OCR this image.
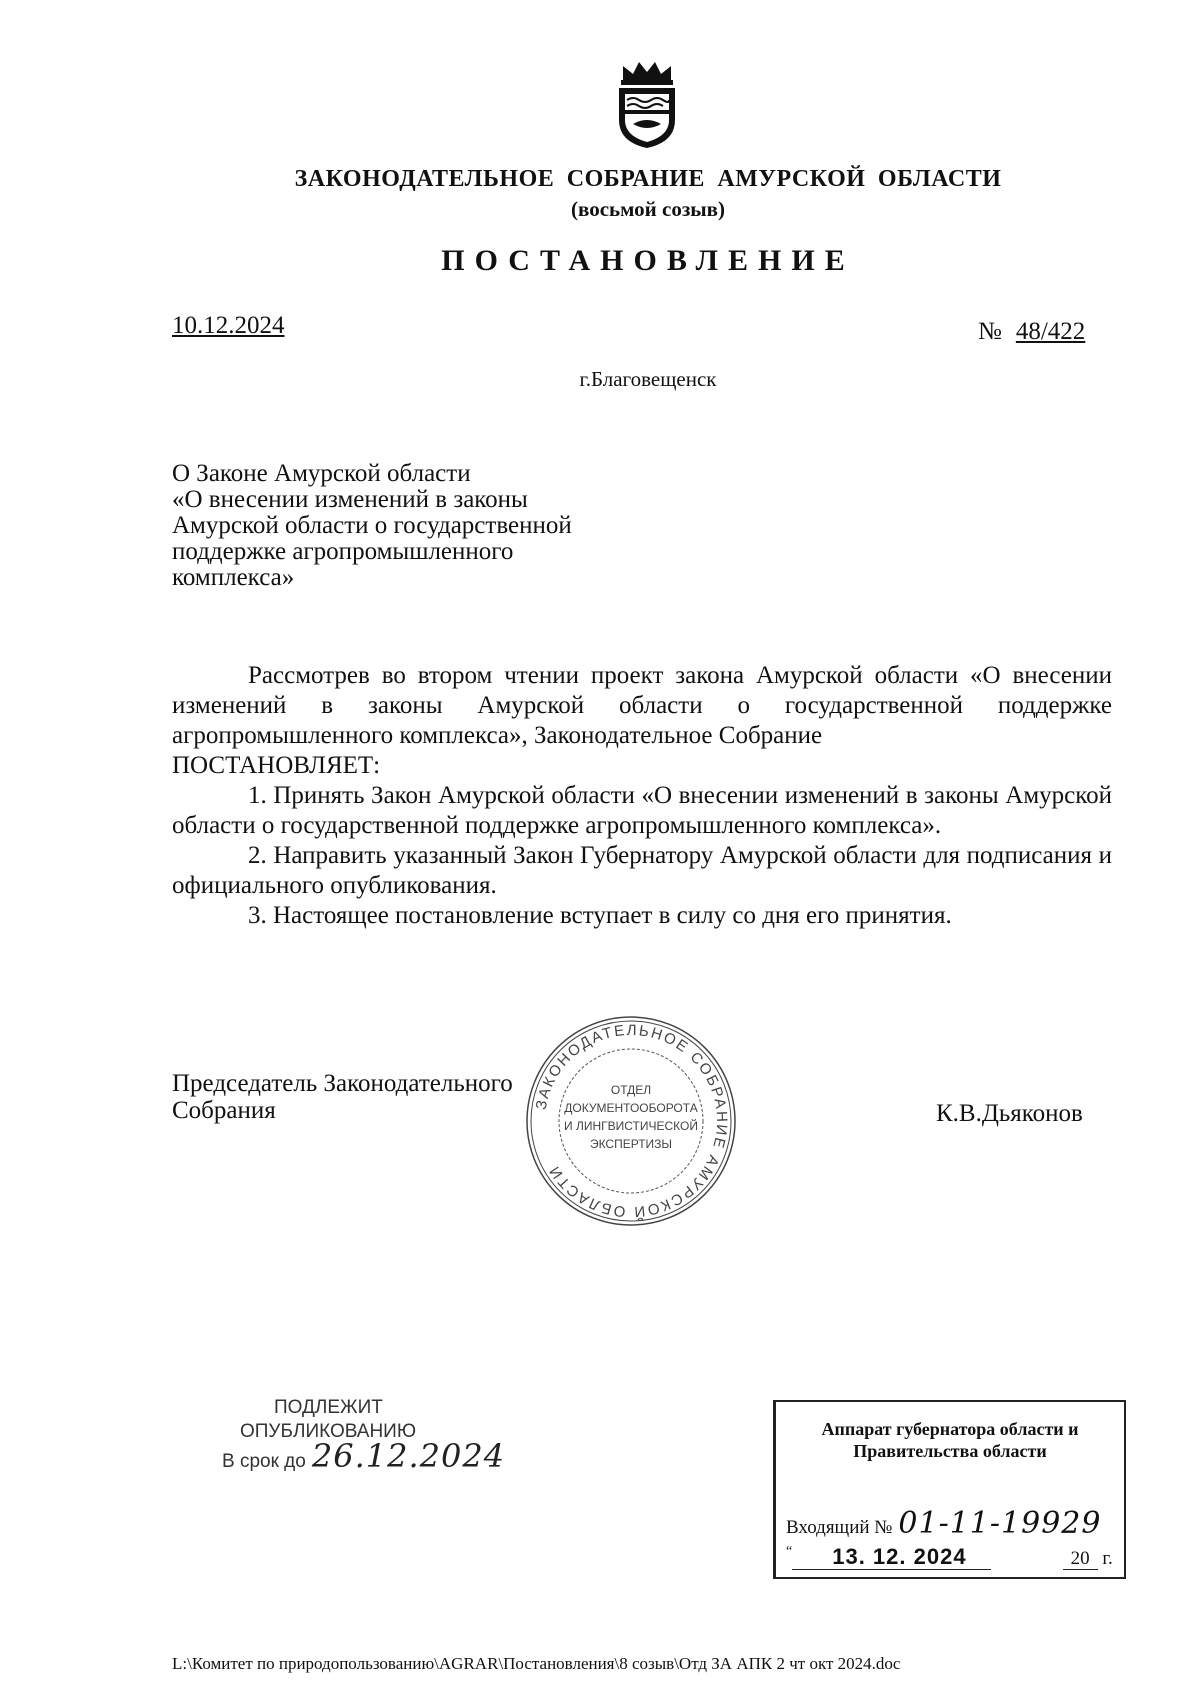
ЗАКОНОДАТЕЛЬНОЕ СОБРАНИЕ АМУРСКОЙ ОБЛАСТИ
(восьмой созыв)
ПОСТАНОВЛЕНИЕ
10.12.2024	№ 48/422
г.Благовещенск
О Законе Амурской области
«О внесении изменений в законы
Амурской области о государственной
поддержке агропромышленного
комплекса»
Рассмотрев во втором чтении проект закона Амурской области «О внесении изменений в законы Амурской области о государственной поддержке агропромышленного комплекса», Законодательное Собрание
ПОСТАНОВЛЯЕТ:
1. Принять Закон Амурской области «О внесении изменений в законы Амурской области о государственной поддержке агропромышленного комплекса».
2. Направить указанный Закон Губернатору Амурской области для подписания и официального опубликования.
3. Настоящее постановление вступает в силу со дня его принятия.
Председатель Законодательного
Собрания	К.В.Дьяконов
ЗАКОНОДАТЕЛЬНОЕ СОБРАНИЕ АМУРСКОЙ ОБЛАСТИ
ОТДЕЛ
ДОКУМЕНТООБОРОТА
И ЛИНГВИСТИЧЕСКОЙ
ЭКСПЕРТИЗЫ
ПОДЛЕЖИТ
ОПУБЛИКОВАНИЮ
В срок до 26.12.2024
Аппарат губернатора области и
Правительства области
Входящий № 01-11-19929
“ 13. 12. 2024	20 г.
L:\Комитет по природопользованию\AGRAR\Постановления\8 созыв\Отд ЗА АПК 2 чт окт 2024.doc
